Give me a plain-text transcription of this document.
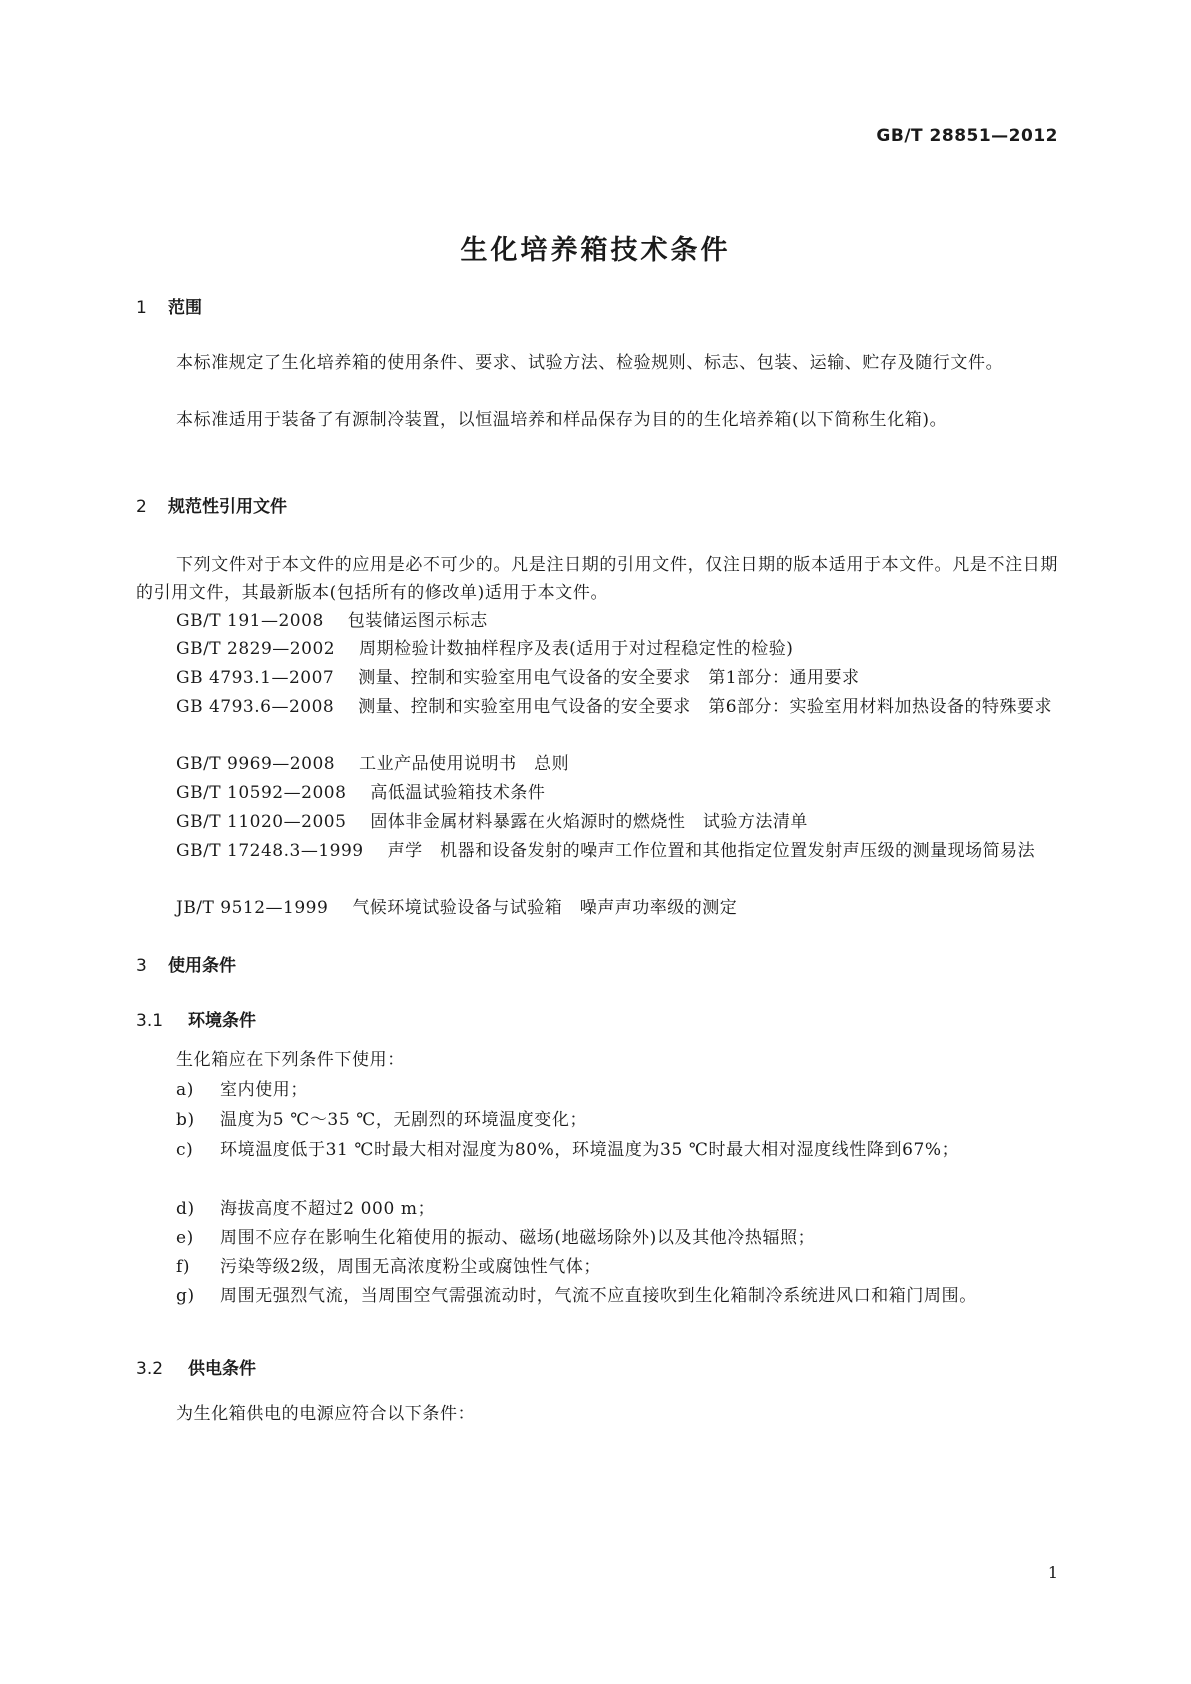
GB/T 28851—2012
生化培养箱技术条件
1 范围

本标准规定了生化培养箱的使用条件、要求、试验方法、检验规则、标志、包装、运输、贮存及随行文件。

本标准适用于装备了有源制冷装置，以恒温培养和样品保存为目的的生化培养箱(以下简称生化箱)。

2 规范性引用文件

下列文件对于本文件的应用是必不可少的。凡是注日期的引用文件，仅注日期的版本适用于本文件。凡是不注日期的引用文件，其最新版本(包括所有的修改单)适用于本文件。

GB/T 191—2008 包装储运图示标志

GB/T 2829—2002 周期检验计数抽样程序及表(适用于对过程稳定性的检验)

GB 4793.1—2007 测量、控制和实验室用电气设备的安全要求　第1部分：通用要求

GB 4793.6—2008 测量、控制和实验室用电气设备的安全要求　第6部分：实验室用材料加热设备的特殊要求

GB/T 9969—2008 工业产品使用说明书　总则

GB/T 10592—2008 高低温试验箱技术条件

GB/T 11020—2005 固体非金属材料暴露在火焰源时的燃烧性　试验方法清单

GB/T 17248.3—1999 声学　机器和设备发射的噪声工作位置和其他指定位置发射声压级的测量现场简易法

JB/T 9512—1999 气候环境试验设备与试验箱　噪声声功率级的测定

3 使用条件
3.1 环境条件

生化箱应在下列条件下使用：

a)	室内使用；
b)	温度为5 ℃～35 ℃，无剧烈的环境温度变化；
c)	环境温度低于31 ℃时最大相对湿度为80%，环境温度为35 ℃时最大相对湿度线性降到67%；
d)	海拔高度不超过2 000 m；
e)	周围不应存在影响生化箱使用的振动、磁场(地磁场除外)以及其他冷热辐照；
f)	污染等级2级，周围无高浓度粉尘或腐蚀性气体；
g)	周围无强烈气流，当周围空气需强流动时，气流不应直接吹到生化箱制冷系统进风口和箱门周围。
3.2 供电条件

为生化箱供电的电源应符合以下条件：

1
